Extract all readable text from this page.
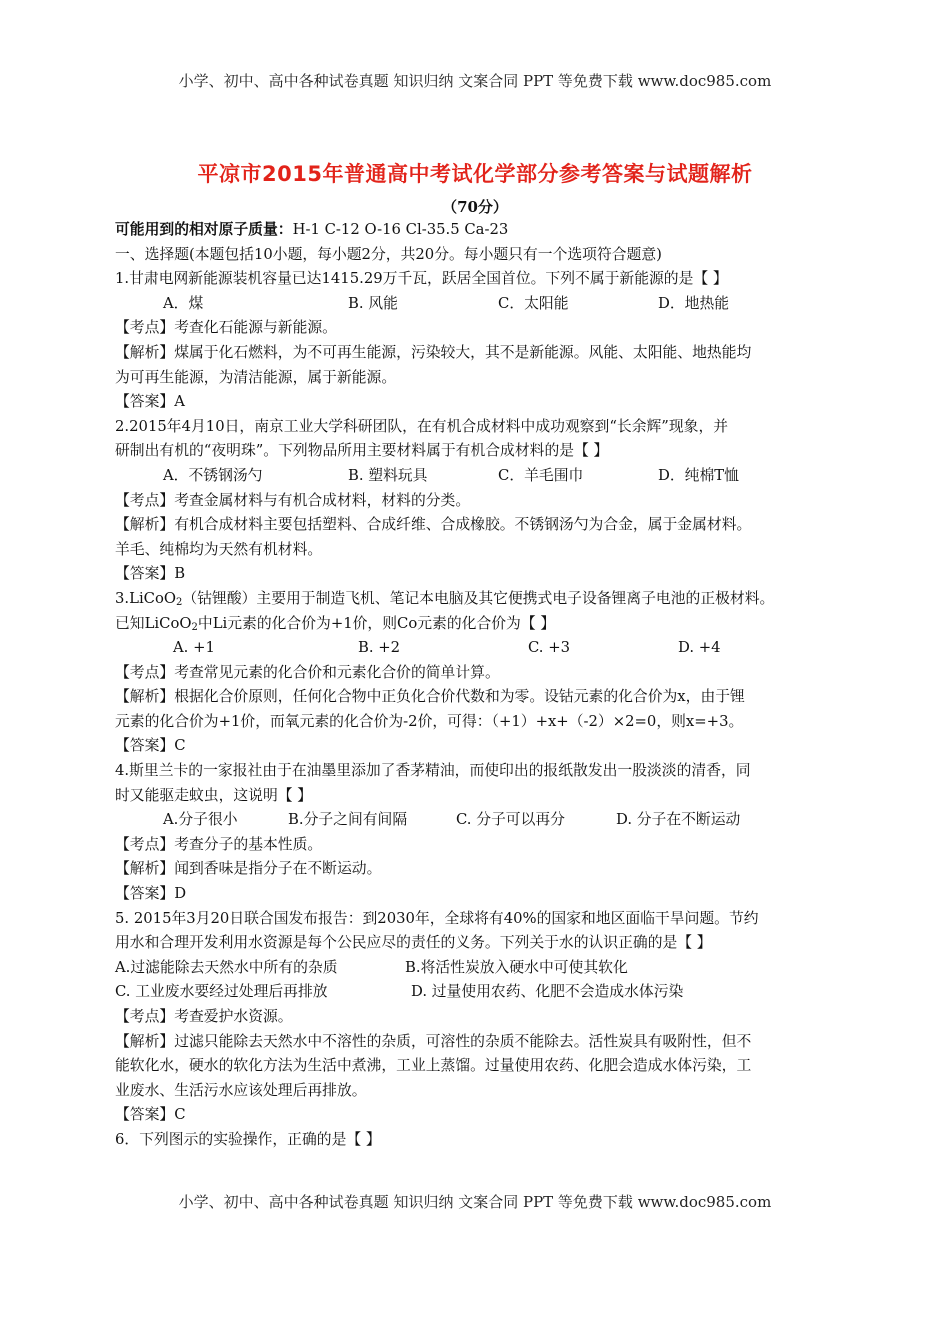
小学、初中、高中各种试卷真题 知识归纳 文案合同 PPT 等免费下载 www.doc985.com
平凉市2015年普通高中考试化学部分参考答案与试题解析
（70分）
可能用到的相对原子质量：H-1 C-12 O-16 Cl-35.5 Ca-23
一、选择题(本题包括10小题，每小题2分，共20分。每小题只有一个选项符合题意)
1.甘肃电网新能源装机容量已达1415.29万千瓦，跃居全国首位。下列不属于新能源的是【 】
A．煤	B. 风能	C．太阳能	D．地热能
【考点】考查化石能源与新能源。
【解析】煤属于化石燃料，为不可再生能源，污染较大，其不是新能源。风能、太阳能、地热能均
为可再生能源，为清洁能源，属于新能源。
【答案】A
2.2015年4月10日，南京工业大学科研团队，在有机合成材料中成功观察到“长余辉”现象，并
研制出有机的“夜明珠”。下列物品所用主要材料属于有机合成材料的是【 】
A．不锈钢汤勺	B. 塑料玩具	C．羊毛围巾	D．纯棉T恤
【考点】考查金属材料与有机合成材料，材料的分类。
【解析】有机合成材料主要包括塑料、合成纤维、合成橡胶。不锈钢汤勺为合金，属于金属材料。
羊毛、纯棉均为天然有机材料。
【答案】B
3.LiCoO$_2$（钴锂酸）主要用于制造飞机、笔记本电脑及其它便携式电子设备锂离子电池的正极材料。
已知LiCoO$_2$中Li元素的化合价为+1价，则Co元素的化合价为【 】
A. +1	B. +2	C. +3	D. +4
【考点】考查常见元素的化合价和元素化合价的简单计算。
【解析】根据化合价原则，任何化合物中正负化合价代数和为零。设钴元素的化合价为x，由于锂
元素的化合价为+1价，而氧元素的化合价为-2价，可得：（+1）+x+（-2）×2=0，则x=+3。
【答案】C
4.斯里兰卡的一家报社由于在油墨里添加了香茅精油，而使印出的报纸散发出一股淡淡的清香，同
时又能驱走蚊虫，这说明【 】
A.分子很小	B.分子之间有间隔	C. 分子可以再分	D. 分子在不断运动
【考点】考查分子的基本性质。
【解析】闻到香味是指分子在不断运动。
【答案】D
5. 2015年3月20日联合国发布报告：到2030年，全球将有40%的国家和地区面临干旱问题。节约
用水和合理开发利用水资源是每个公民应尽的责任的义务。下列关于水的认识正确的是【 】
A.过滤能除去天然水中所有的杂质	B.将活性炭放入硬水中可使其软化
C. 工业废水要经过处理后再排放	D. 过量使用农药、化肥不会造成水体污染
【考点】考查爱护水资源。
【解析】过滤只能除去天然水中不溶性的杂质，可溶性的杂质不能除去。活性炭具有吸附性，但不
能软化水，硬水的软化方法为生活中煮沸，工业上蒸馏。过量使用农药、化肥会造成水体污染，工
业废水、生活污水应该处理后再排放。
【答案】C
6．下列图示的实验操作，正确的是【 】
小学、初中、高中各种试卷真题 知识归纳 文案合同 PPT 等免费下载 www.doc985.com
